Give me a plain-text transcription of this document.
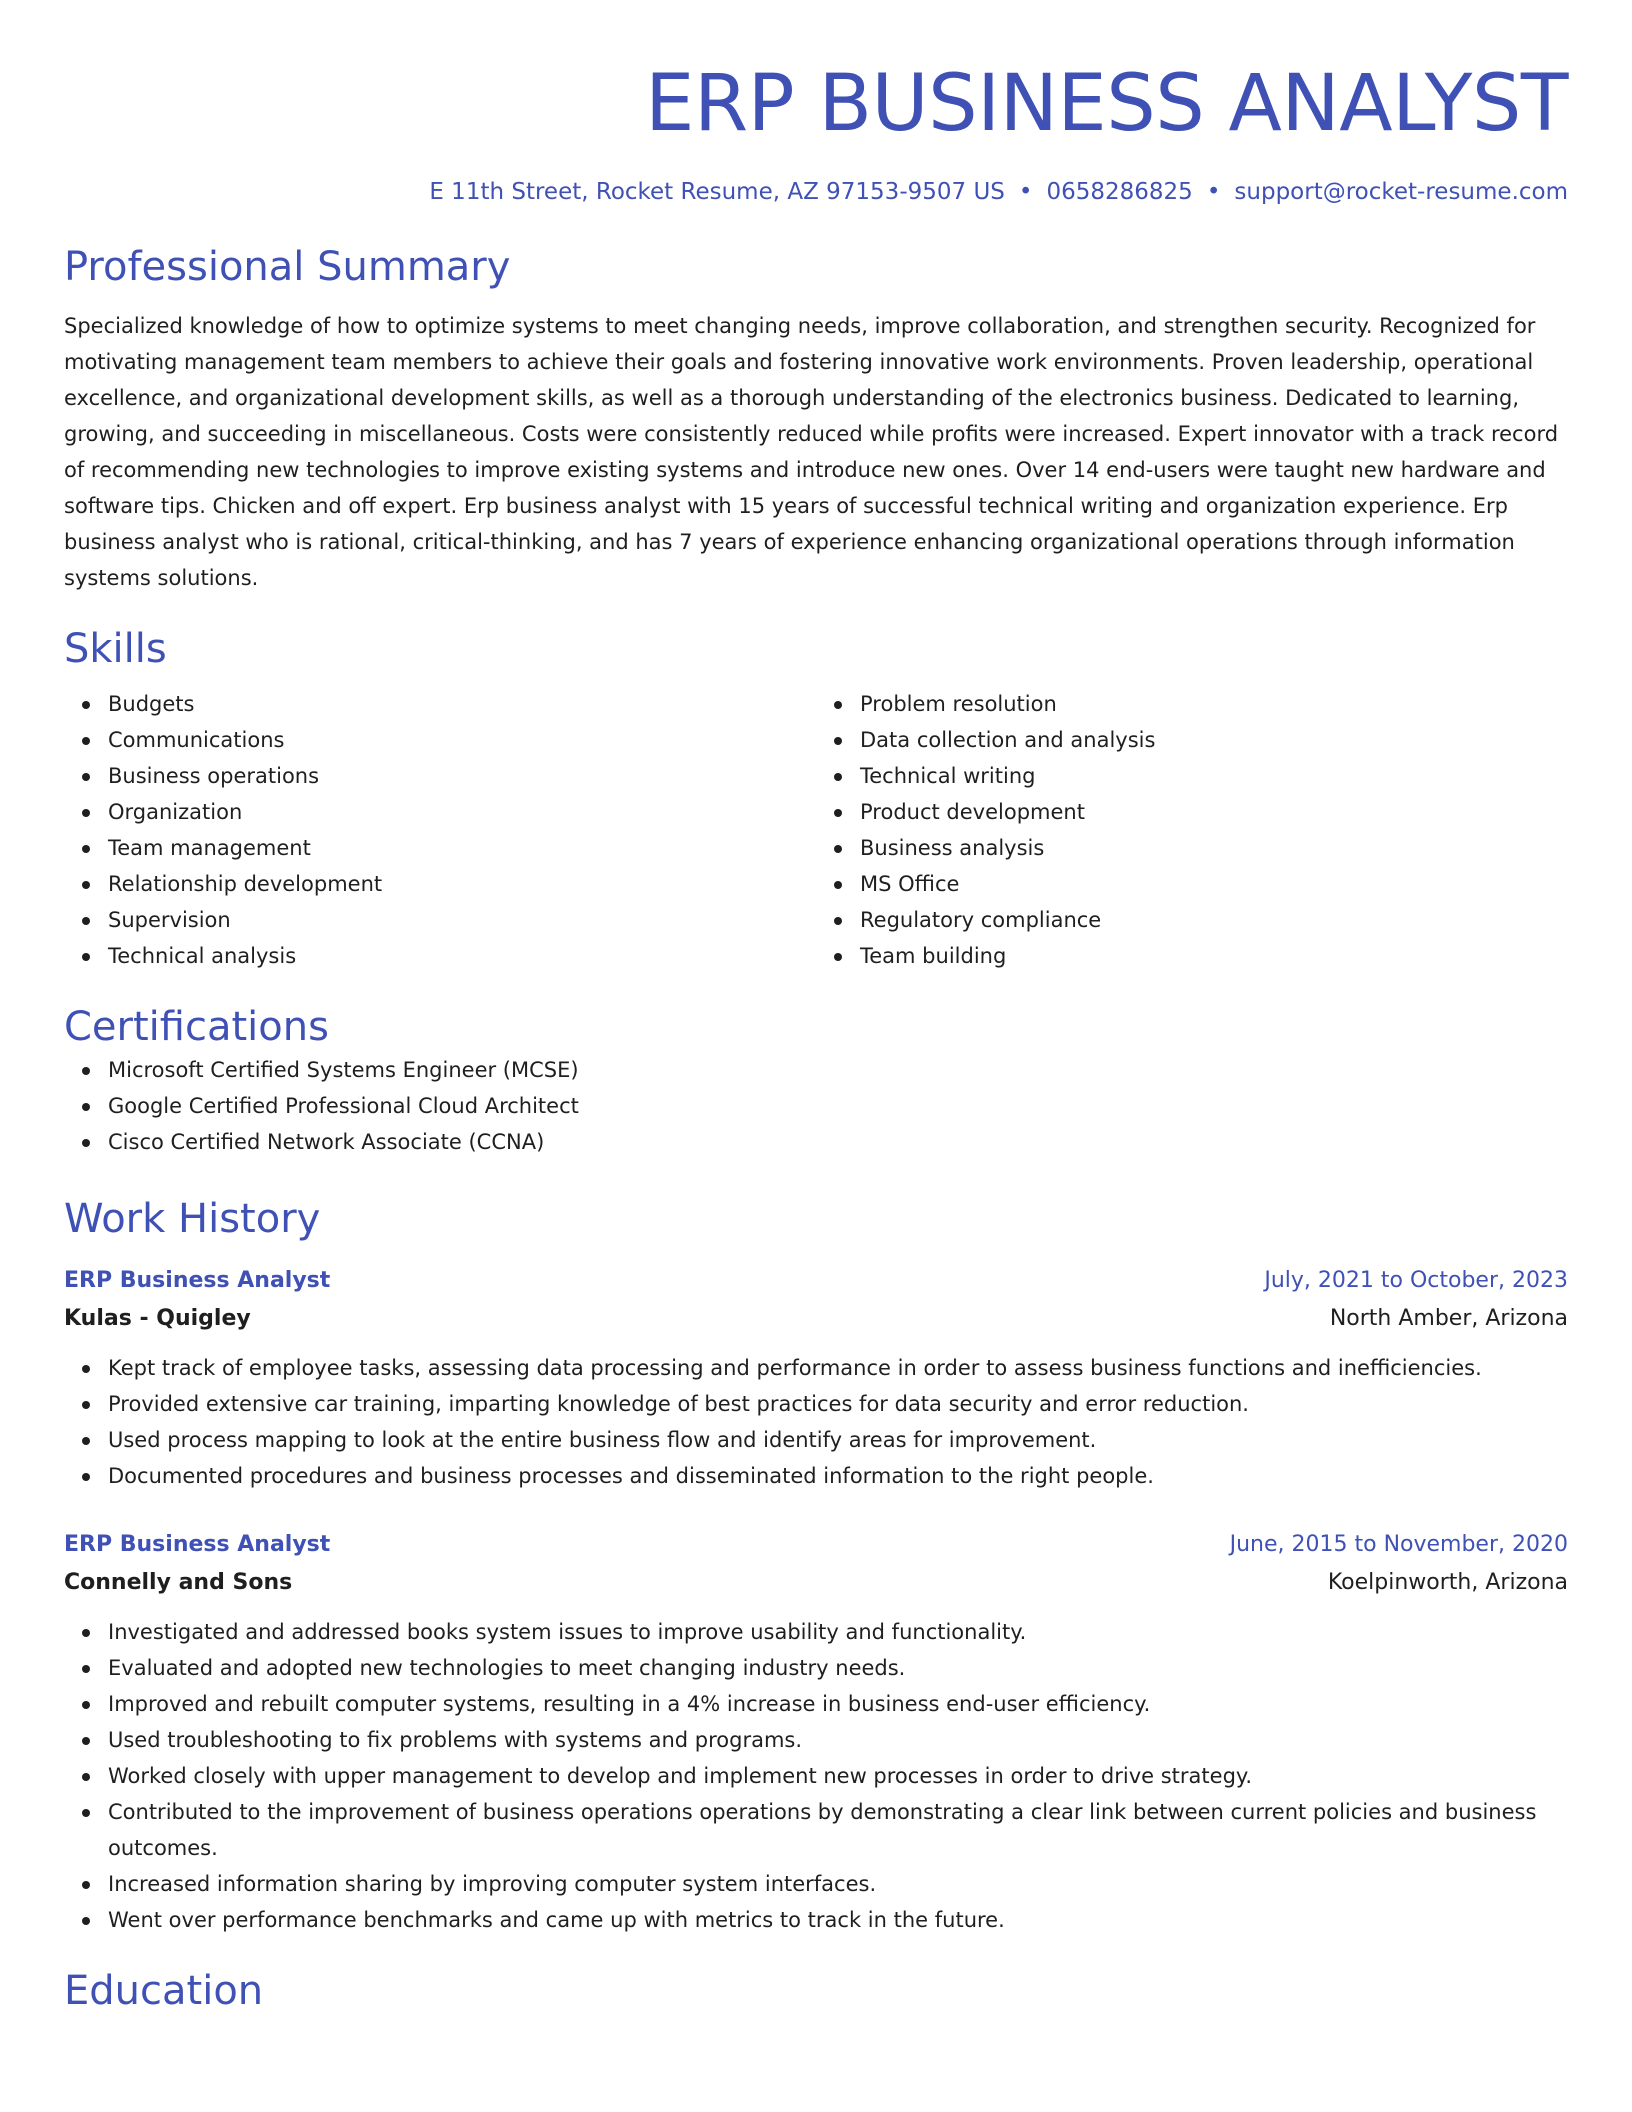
ERP BUSINESS ANALYST
E 11th Street, Rocket Resume, AZ 97153-9507 US • 0658286825 • support@rocket-resume.com
Professional Summary
Specialized knowledge of how to optimize systems to meet changing needs, improve collaboration, and strengthen security. Recognized for motivating management team members to achieve their goals and fostering innovative work environments. Proven leadership, operational excellence, and organizational development skills, as well as a thorough understanding of the electronics business. Dedicated to learning, growing, and succeeding in miscellaneous. Costs were consistently reduced while profits were increased. Expert innovator with a track record of recommending new technologies to improve existing systems and introduce new ones. Over 14 end-users were taught new hardware and software tips. Chicken and off expert. Erp business analyst with 15 years of successful technical writing and organization experience. Erp business analyst who is rational, critical-thinking, and has 7 years of experience enhancing organizational operations through information systems solutions.
Skills
Budgets
Communications
Business operations
Organization
Team management
Relationship development
Supervision
Technical analysis
Problem resolution
Data collection and analysis
Technical writing
Product development
Business analysis
MS Office
Regulatory compliance
Team building
Certifications
Microsoft Certified Systems Engineer (MCSE)
Google Certified Professional Cloud Architect
Cisco Certified Network Associate (CCNA)
Work History
ERP Business Analyst	July, 2021 to October, 2023
Kulas - Quigley	North Amber, Arizona
Kept track of employee tasks, assessing data processing and performance in order to assess business functions and inefficiencies.
Provided extensive car training, imparting knowledge of best practices for data security and error reduction.
Used process mapping to look at the entire business flow and identify areas for improvement.
Documented procedures and business processes and disseminated information to the right people.
ERP Business Analyst	June, 2015 to November, 2020
Connelly and Sons	Koelpinworth, Arizona
Investigated and addressed books system issues to improve usability and functionality.
Evaluated and adopted new technologies to meet changing industry needs.
Improved and rebuilt computer systems, resulting in a 4% increase in business end-user efficiency.
Used troubleshooting to fix problems with systems and programs.
Worked closely with upper management to develop and implement new processes in order to drive strategy.
Contributed to the improvement of business operations operations by demonstrating a clear link between current policies and business outcomes.
Increased information sharing by improving computer system interfaces.
Went over performance benchmarks and came up with metrics to track in the future.
Education
